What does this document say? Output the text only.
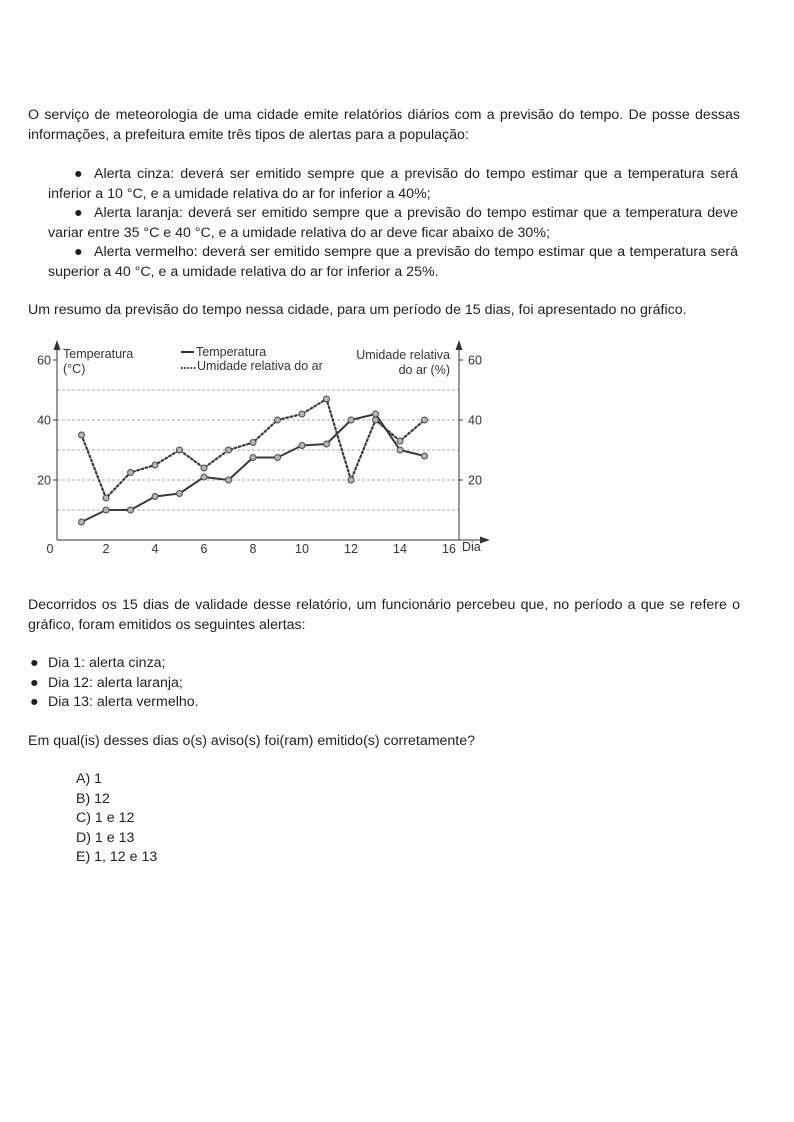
O serviço de meteorologia de uma cidade emite relatórios diários com a previsão do tempo. De posse dessas informações, a prefeitura emite três tipos de alertas para a população:

● Alerta cinza: deverá ser emitido sempre que a previsão do tempo estimar que a temperatura será inferior a 10 °C, e a umidade relativa do ar for inferior a 40%;

● Alerta laranja: deverá ser emitido sempre que a previsão do tempo estimar que a temperatura deve variar entre 35 °C e 40 °C, e a umidade relativa do ar deve ficar abaixo de 30%;

● Alerta vermelho: deverá ser emitido sempre que a previsão do tempo estimar que a temperatura será superior a 40 °C, e a umidade relativa do ar for inferior a 25%.

Um resumo da previsão do tempo nessa cidade, para um período de 15 dias, foi apresentado no gráfico.

0	2	4	6	8	10	12	14	16 Dia
20
40
60
20
40
60
Temperatura
(°C)
Umidade relativa
do ar (%)
Temperatura
Umidade relativa do ar

Decorridos os 15 dias de validade desse relatório, um funcionário percebeu que, no período a que se refere o gráfico, foram emitidos os seguintes alertas:

● Dia 1: alerta cinza;
● Dia 12: alerta laranja;
● Dia 13: alerta vermelho.

Em qual(is) desses dias o(s) aviso(s) foi(ram) emitido(s) corretamente?

A) 1
B) 12
C) 1 e 12
D) 1 e 13
E) 1, 12 e 13
